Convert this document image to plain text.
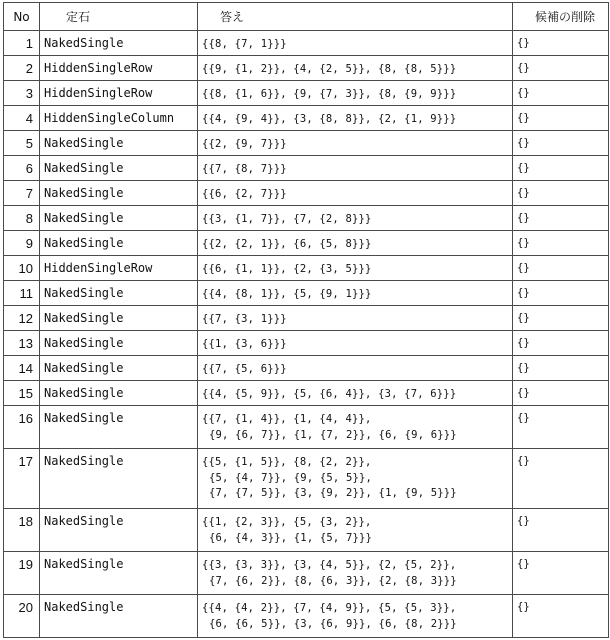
No	定石	答え	候補の削除
1	NakedSingle	{{8, {7, 1}}}	{}
2	HiddenSingleRow	{{9, {1, 2}}, {4, {2, 5}}, {8, {8, 5}}}	{}
3	HiddenSingleRow	{{8, {1, 6}}, {9, {7, 3}}, {8, {9, 9}}}	{}
4	HiddenSingleColumn	{{4, {9, 4}}, {3, {8, 8}}, {2, {1, 9}}}	{}
5	NakedSingle	{{2, {9, 7}}}	{}
6	NakedSingle	{{7, {8, 7}}}	{}
7	NakedSingle	{{6, {2, 7}}}	{}
8	NakedSingle	{{3, {1, 7}}, {7, {2, 8}}}	{}
9	NakedSingle	{{2, {2, 1}}, {6, {5, 8}}}	{}
10	HiddenSingleRow	{{6, {1, 1}}, {2, {3, 5}}}	{}
11	NakedSingle	{{4, {8, 1}}, {5, {9, 1}}}	{}
12	NakedSingle	{{7, {3, 1}}}	{}
13	NakedSingle	{{1, {3, 6}}}	{}
14	NakedSingle	{{7, {5, 6}}}	{}
15	NakedSingle	{{4, {5, 9}}, {5, {6, 4}}, {3, {7, 6}}}	{}
16	NakedSingle	{{7, {1, 4}}, {1, {4, 4}},
{9, {6, 7}}, {1, {7, 2}}, {6, {9, 6}}}	{}
17	NakedSingle	{{5, {1, 5}}, {8, {2, 2}},
{5, {4, 7}}, {9, {5, 5}},
{7, {7, 5}}, {3, {9, 2}}, {1, {9, 5}}}	{}
18	NakedSingle	{{1, {2, 3}}, {5, {3, 2}},
{6, {4, 3}}, {1, {5, 7}}}	{}
19	NakedSingle	{{3, {3, 3}}, {3, {4, 5}}, {2, {5, 2}},
{7, {6, 2}}, {8, {6, 3}}, {2, {8, 3}}}	{}
20	NakedSingle	{{4, {4, 2}}, {7, {4, 9}}, {5, {5, 3}},
{6, {6, 5}}, {3, {6, 9}}, {6, {8, 2}}}	{}
